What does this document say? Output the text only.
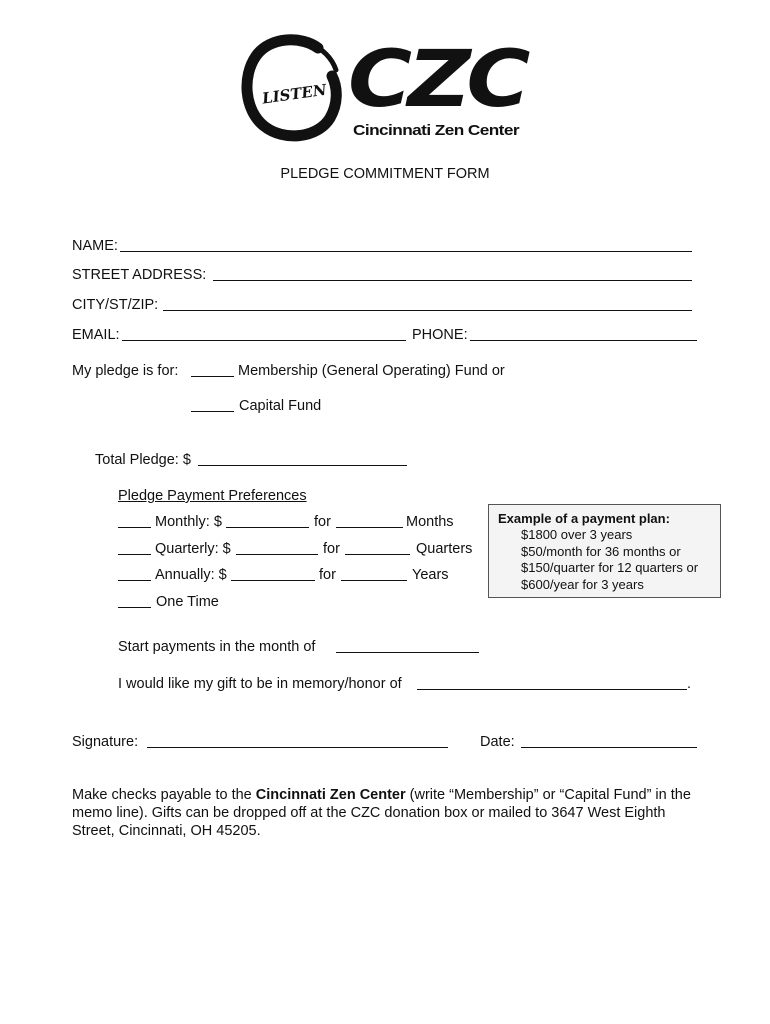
LISTEN CZC
Cincinnati Zen Center
PLEDGE COMMITMENT FORM
NAME:
STREET ADDRESS:
CITY/ST/ZIP:
EMAIL:	PHONE:
My pledge is for:	Membership (General Operating) Fund or
Capital Fund
Total Pledge: $
Pledge Payment Preferences
Monthly: $	for	Months
Quarterly: $	for	Quarters
Annually: $	for	Years
One Time
Example of a payment plan:
$1800 over 3 years
$50/month for 36 months or
$150/quarter for 12 quarters or
$600/year for 3 years
Start payments in the month of
I would like my gift to be in memory/honor of	.
Signature:	Date:
Make checks payable to the Cincinnati Zen Center (write “Membership” or “Capital Fund” in the memo line). Gifts can be dropped off at the CZC donation box or mailed to 3647 West Eighth Street, Cincinnati, OH 45205.
